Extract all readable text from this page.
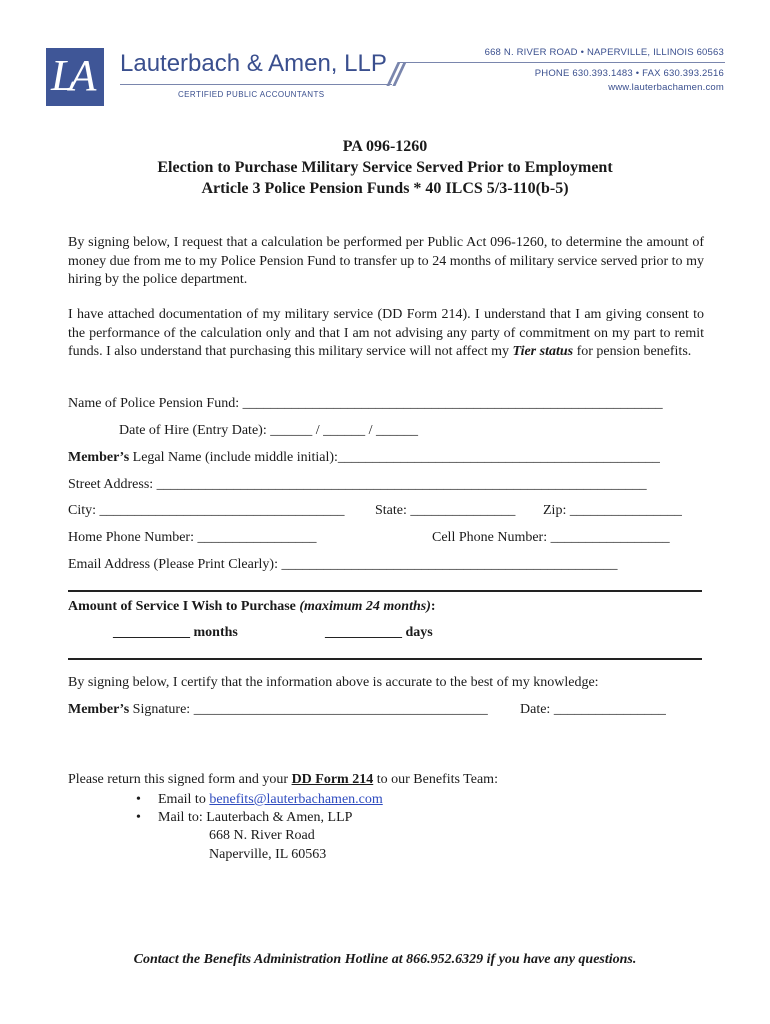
LA Lauterbach & Amen, LLP
CERTIFIED PUBLIC ACCOUNTANTS
668 N. RIVER ROAD • NAPERVILLE, ILLINOIS 60563
PHONE 630.393.1483 • FAX 630.393.2516
www.lauterbachamen.com
PA 096-1260
Election to Purchase Military Service Served Prior to Employment
Article 3 Police Pension Funds * 40 ILCS 5/3-110(b-5)
By signing below, I request that a calculation be performed per Public Act 096-1260, to determine the amount of money due from me to my Police Pension Fund to transfer up to 24 months of military service served prior to my hiring by the police department.
I have attached documentation of my military service (DD Form 214). I understand that I am giving consent to the performance of the calculation only and that I am not advising any party of commitment on my part to remit funds. I also understand that purchasing this military service will not affect my Tier status for pension benefits.
Name of Police Pension Fund: ____________________________________________________________
Date of Hire (Entry Date): ______ / ______ / ______
Member’s Legal Name (include middle initial):______________________________________________
Street Address: ______________________________________________________________________
City: ___________________________________ State: _______________ Zip: ________________
Home Phone Number: _________________	Cell Phone Number: _________________
Email Address (Please Print Clearly): ________________________________________________
Amount of Service I Wish to Purchase (maximum 24 months):
___________ months	___________ days
By signing below, I certify that the information above is accurate to the best of my knowledge:
Member’s Signature: __________________________________________ Date: ________________
Please return this signed form and your DD Form 214 to our Benefits Team:
• Email to benefits@lauterbachamen.com
• Mail to: Lauterbach & Amen, LLP
668 N. River Road
Naperville, IL 60563
Contact the Benefits Administration Hotline at 866.952.6329 if you have any questions.
